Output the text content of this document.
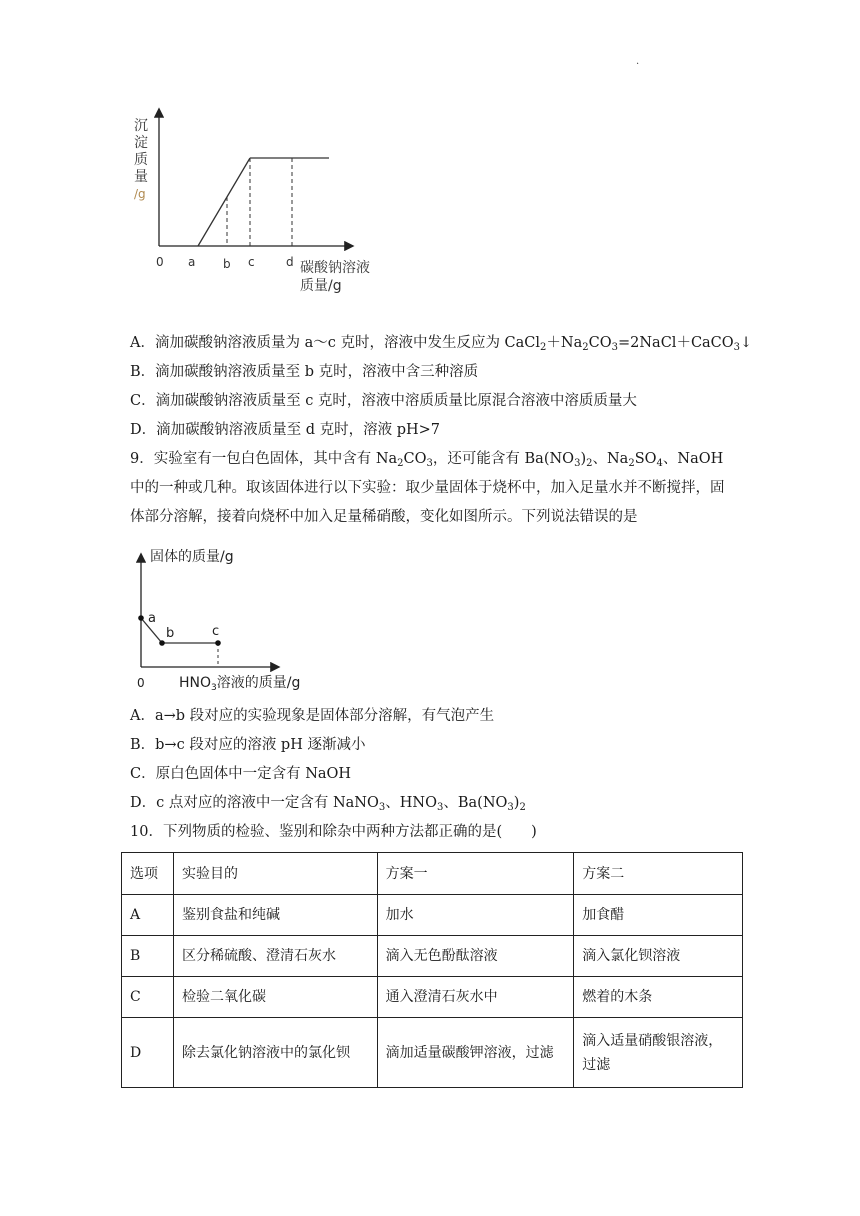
.
沉
淀
质
量
/g
0 a b c	d 碳酸钠溶液
质量/g
A．滴加碳酸钠溶液质量为 a～c 克时，溶液中发生反应为 $CaCl_2+Na_2CO_3=2NaCl+CaCO_3↓$
B．滴加碳酸钠溶液质量至 b 克时，溶液中含三种溶质
C．滴加碳酸钠溶液质量至 c 克时，溶液中溶质质量比原混合溶液中溶质质量大
D．滴加碳酸钠溶液质量至 d 克时，溶液 pH>7
9．实验室有一包白色固体，其中含有 $Na_2CO_3$，还可能含有 $Ba(NO_3)_2$、$Na_2SO_4$、NaOH 中的一种或几种。取该固体进行以下实验：取少量固体于烧杯中，加入足量水并不断搅拌，固体部分溶解，接着向烧杯中加入足量稀硝酸，变化如图所示。下列说法错误的是
固体的质量/g
a
b	c
0 $HNO_3$溶液的质量/g
A．a→b 段对应的实验现象是固体部分溶解，有气泡产生
B．b→c 段对应的溶液 pH 逐渐减小
C．原白色固体中一定含有 NaOH
D．c 点对应的溶液中一定含有 NaNO$_3$、$HNO_3$、$Ba(NO_3)_2$
10．下列物质的检验、鉴别和除杂中两种方法都正确的是(　　)
选项	实验目的	方案一	方案二
A	鉴别食盐和纯碱	加水	加食醋
B	区分稀硫酸、澄清石灰水	滴入无色酚酞溶液	滴入氯化钡溶液
C	检验二氧化碳	通入澄清石灰水中	燃着的木条
D	除去氯化钠溶液中的氯化钡	滴加适量碳酸钾溶液，过滤	滴入适量硝酸银溶液，过滤
